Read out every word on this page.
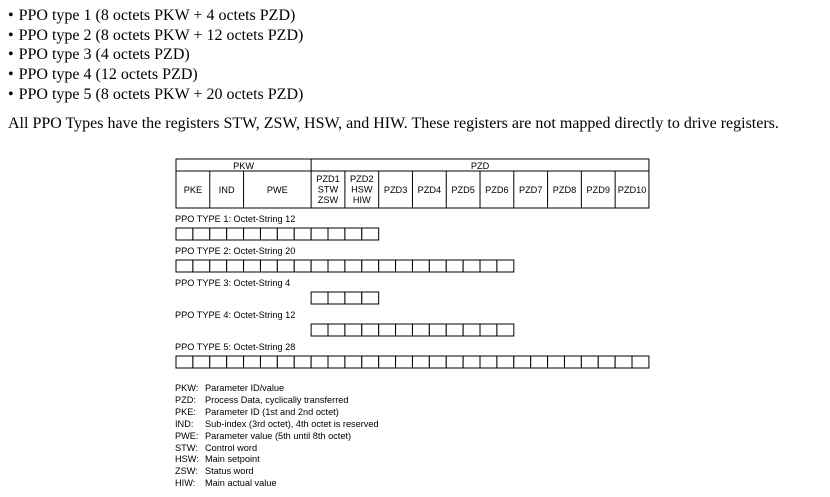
• PPO type 1 (8 octets PKW + 4 octets PZD)
• PPO type 2 (8 octets PKW + 12 octets PZD)
• PPO type 3 (4 octets PZD)
• PPO type 4 (12 octets PZD)
• PPO type 5 (8 octets PKW + 20 octets PZD)
All PPO Types have the registers STW, ZSW, HSW, and HIW. These registers are not mapped directly to drive registers.
PKW	PZD
PKE IND	PWE
PZD1
STW
ZSW
PZD2
HSW
HIW
PZD3 PZD4 PZD5 PZD6 PZD7 PZD8 PZD9 PZD10
PPO TYPE 1: Octet-String 12
PPO TYPE 2: Octet-String 20
PPO TYPE 3: Octet-String 4
PPO TYPE 4: Octet-String 12
PPO TYPE 5: Octet-String 28
PKW: Parameter ID/value
PZD: Process Data, cyclically transferred
PKE: Parameter ID (1st and 2nd octet)
IND: Sub-index (3rd octet), 4th octet is reserved
PWE: Parameter value (5th until 8th octet)
STW: Control word
HSW: Main setpoint
ZSW: Status word
HIW: Main actual value
